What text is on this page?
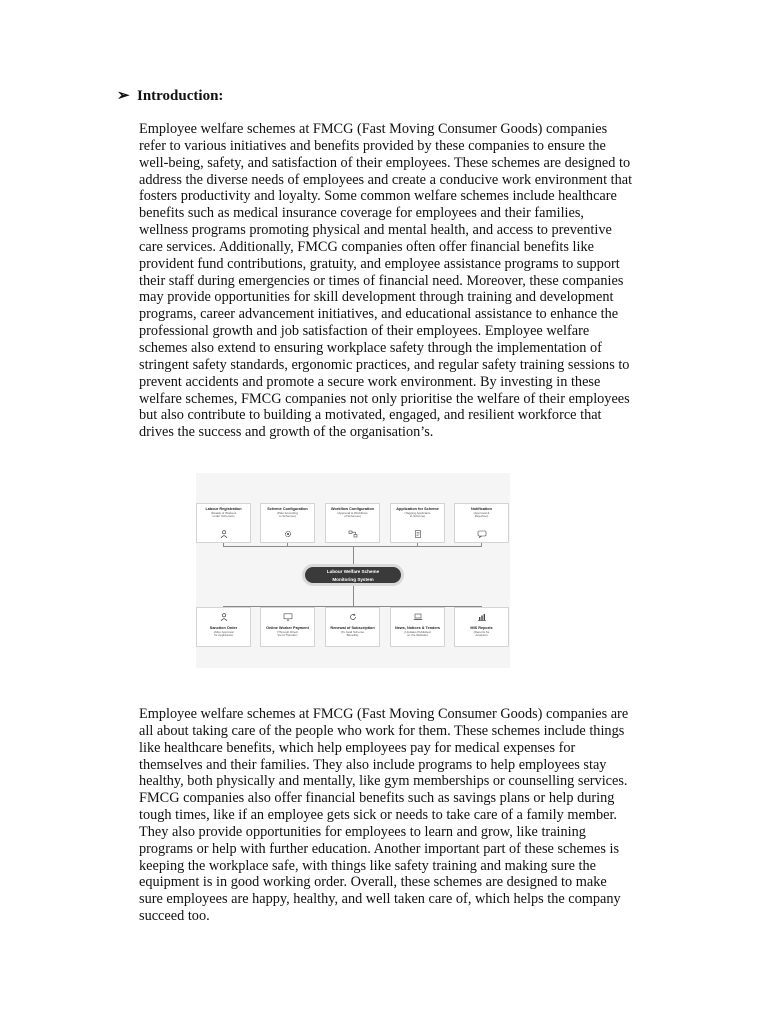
➢ Introduction:

Employee welfare schemes at FMCG (Fast Moving Consumer Goods) companies
refer to various initiatives and benefits provided by these companies to ensure the
well-being, safety, and satisfaction of their employees. These schemes are designed to
address the diverse needs of employees and create a conducive work environment that
fosters productivity and loyalty. Some common welfare schemes include healthcare
benefits such as medical insurance coverage for employees and their families,
wellness programs promoting physical and mental health, and access to preventive
care services. Additionally, FMCG companies often offer financial benefits like
provident fund contributions, gratuity, and employee assistance programs to support
their staff during emergencies or times of financial need. Moreover, these companies
may provide opportunities for skill development through training and development
programs, career advancement initiatives, and educational assistance to enhance the
professional growth and job satisfaction of their employees. Employee welfare
schemes also extend to ensuring workplace safety through the implementation of
stringent safety standards, ergonomic practices, and regular safety training sessions to
prevent accidents and promote a secure work environment. By investing in these
welfare schemes, FMCG companies not only prioritise the welfare of their employees
but also contribute to building a motivated, engaged, and resilient workforce that
drives the success and growth of the organisation’s.

Labour Welfare Scheme
Monitoring System
Labour Registration
(Details of Workers
under Schemes)
Scheme Configuration
(Plan According
to Schemes)
Workflow Configuration
(Approval & Workflows
of Schemes)
Application for Scheme
(Tagging Applicants
to Scheme)
Notification
(Approval &
Rejection)
Sanction Order
(After Approval
for Applicants)
Online Worker Payment
(Through Direct
Fund Transfer)
Renewal of Subscription
(To Avail Scheme
Benefits)
News, Notices & Tenders
(Updates Published
on the Website)
MIS Reports
(Reports for
Analysis)

Employee welfare schemes at FMCG (Fast Moving Consumer Goods) companies are
all about taking care of the people who work for them. These schemes include things
like healthcare benefits, which help employees pay for medical expenses for
themselves and their families. They also include programs to help employees stay
healthy, both physically and mentally, like gym memberships or counselling services.
FMCG companies also offer financial benefits such as savings plans or help during
tough times, like if an employee gets sick or needs to take care of a family member.
They also provide opportunities for employees to learn and grow, like training
programs or help with further education. Another important part of these schemes is
keeping the workplace safe, with things like safety training and making sure the
equipment is in good working order. Overall, these schemes are designed to make
sure employees are happy, healthy, and well taken care of, which helps the company
succeed too.
